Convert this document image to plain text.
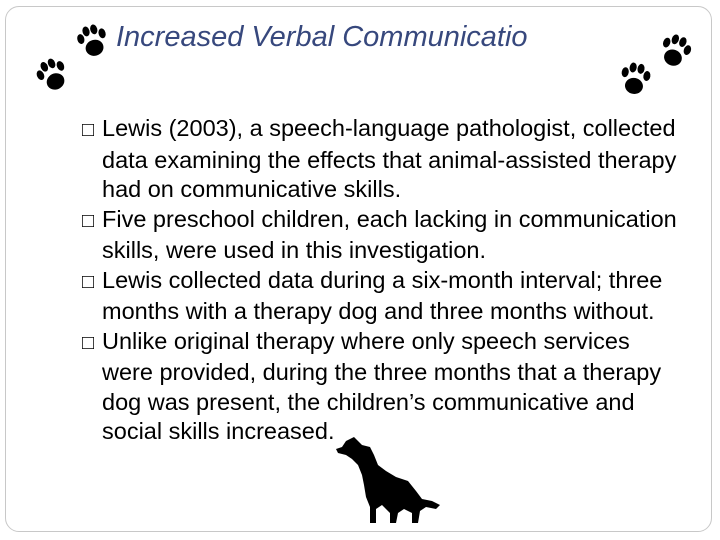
Increased Verbal Communicatio

□ Lewis (2003), a speech-language pathologist, collected data examining the effects that animal-assisted therapy had on communicative skills.

□ Five preschool children, each lacking in communication skills, were used in this investigation.

□ Lewis collected data during a six-month interval; three months with a therapy dog and three months without.

□ Unlike original therapy where only speech services were provided, during the three months that a therapy dog was present, the children’s communicative and social skills increased.
